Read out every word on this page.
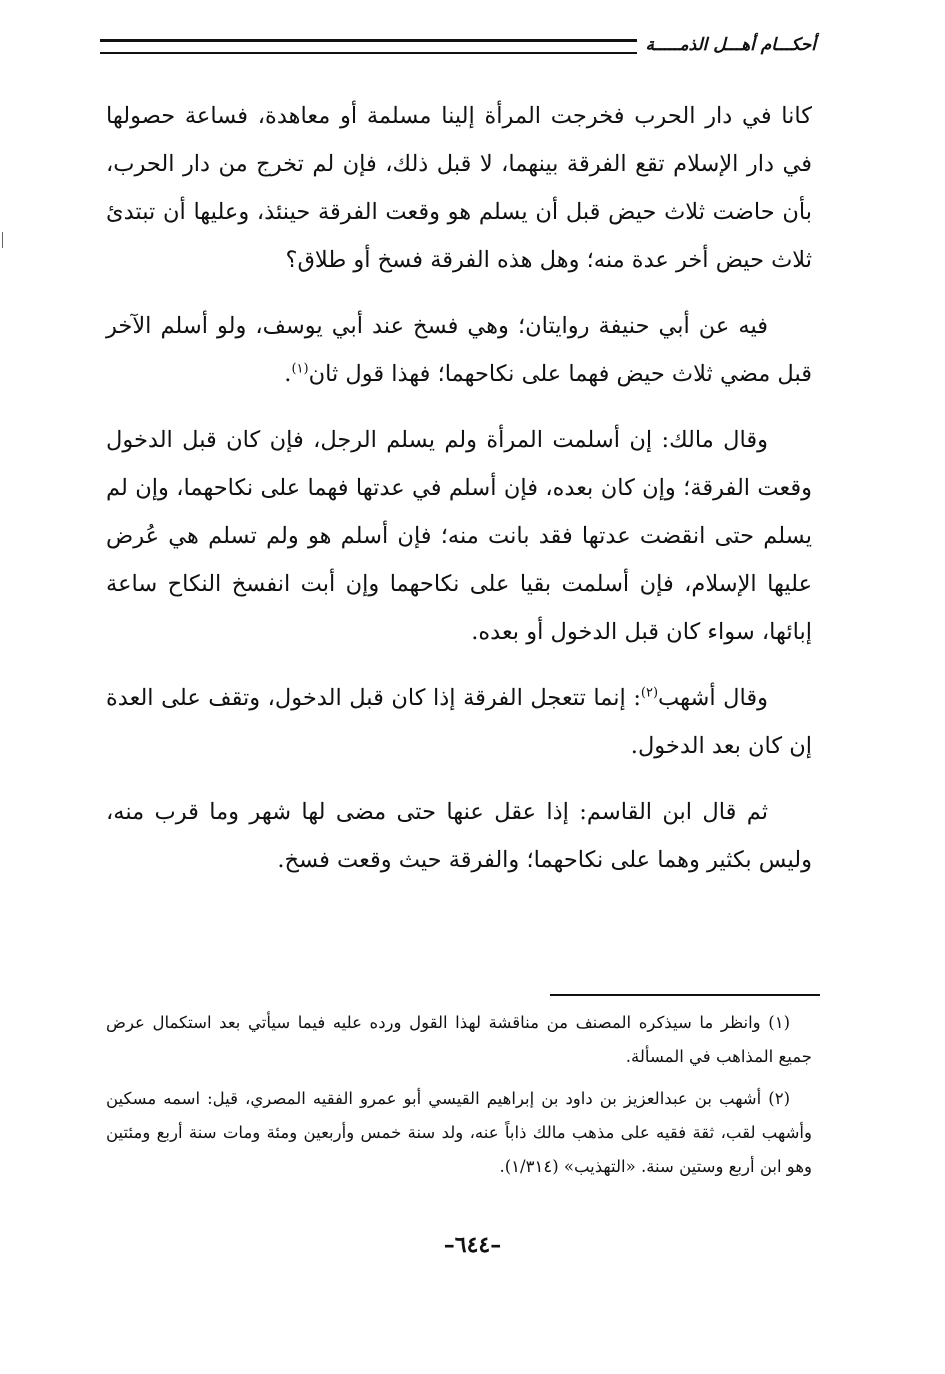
أحكـــام أهـــل الذمـــــة

كانا في دار الحرب فخرجت المرأة إلينا مسلمة أو معاهدة، فساعة حصولها في دار الإسلام تقع الفرقة بينهما، لا قبل ذلك، فإن لم تخرج من دار الحرب، بأن حاضت ثلاث حيض قبل أن يسلم هو وقعت الفرقة حينئذ، وعليها أن تبتدئ ثلاث حيض أخر عدة منه؛ وهل هذه الفرقة فسخ أو طلاق؟

فيه عن أبي حنيفة روايتان؛ وهي فسخ عند أبي يوسف، ولو أسلم الآخر قبل مضي ثلاث حيض فهما على نكاحهما؛ فهذا قول ثان$^{(١)}$.

وقال مالك: إن أسلمت المرأة ولم يسلم الرجل، فإن كان قبل الدخول وقعت الفرقة؛ وإن كان بعده، فإن أسلم في عدتها فهما على نكاحهما، وإن لم يسلم حتى انقضت عدتها فقد بانت منه؛ فإن أسلم هو ولم تسلم هي عُرض عليها الإسلام، فإن أسلمت بقيا على نكاحهما وإن أبت انفسخ النكاح ساعة إبائها، سواء كان قبل الدخول أو بعده.

وقال أشهب$^{(٢)}$: إنما تتعجل الفرقة إذا كان قبل الدخول، وتقف على العدة إن كان بعد الدخول.

ثم قال ابن القاسم: إذا عقل عنها حتى مضى لها شهر وما قرب منه، وليس بكثير وهما على نكاحهما؛ والفرقة حيث وقعت فسخ.

(١) وانظر ما سيذكره المصنف من مناقشة لهذا القول ورده عليه فيما سيأتي بعد استكمال عرض جميع المذاهب في المسألة.

(٢) أشهب بن عبدالعزيز بن داود بن إبراهيم القيسي أبو عمرو الفقيه المصري، قيل: اسمه مسكين وأشهب لقب، ثقة فقيه على مذهب مالك ذاباً عنه، ولد سنة خمس وأربعين ومئة ومات سنة أربع ومئتين وهو ابن أربع وستين سنة. «التهذيب» (١/٣١٤).

–٦٤٤–
